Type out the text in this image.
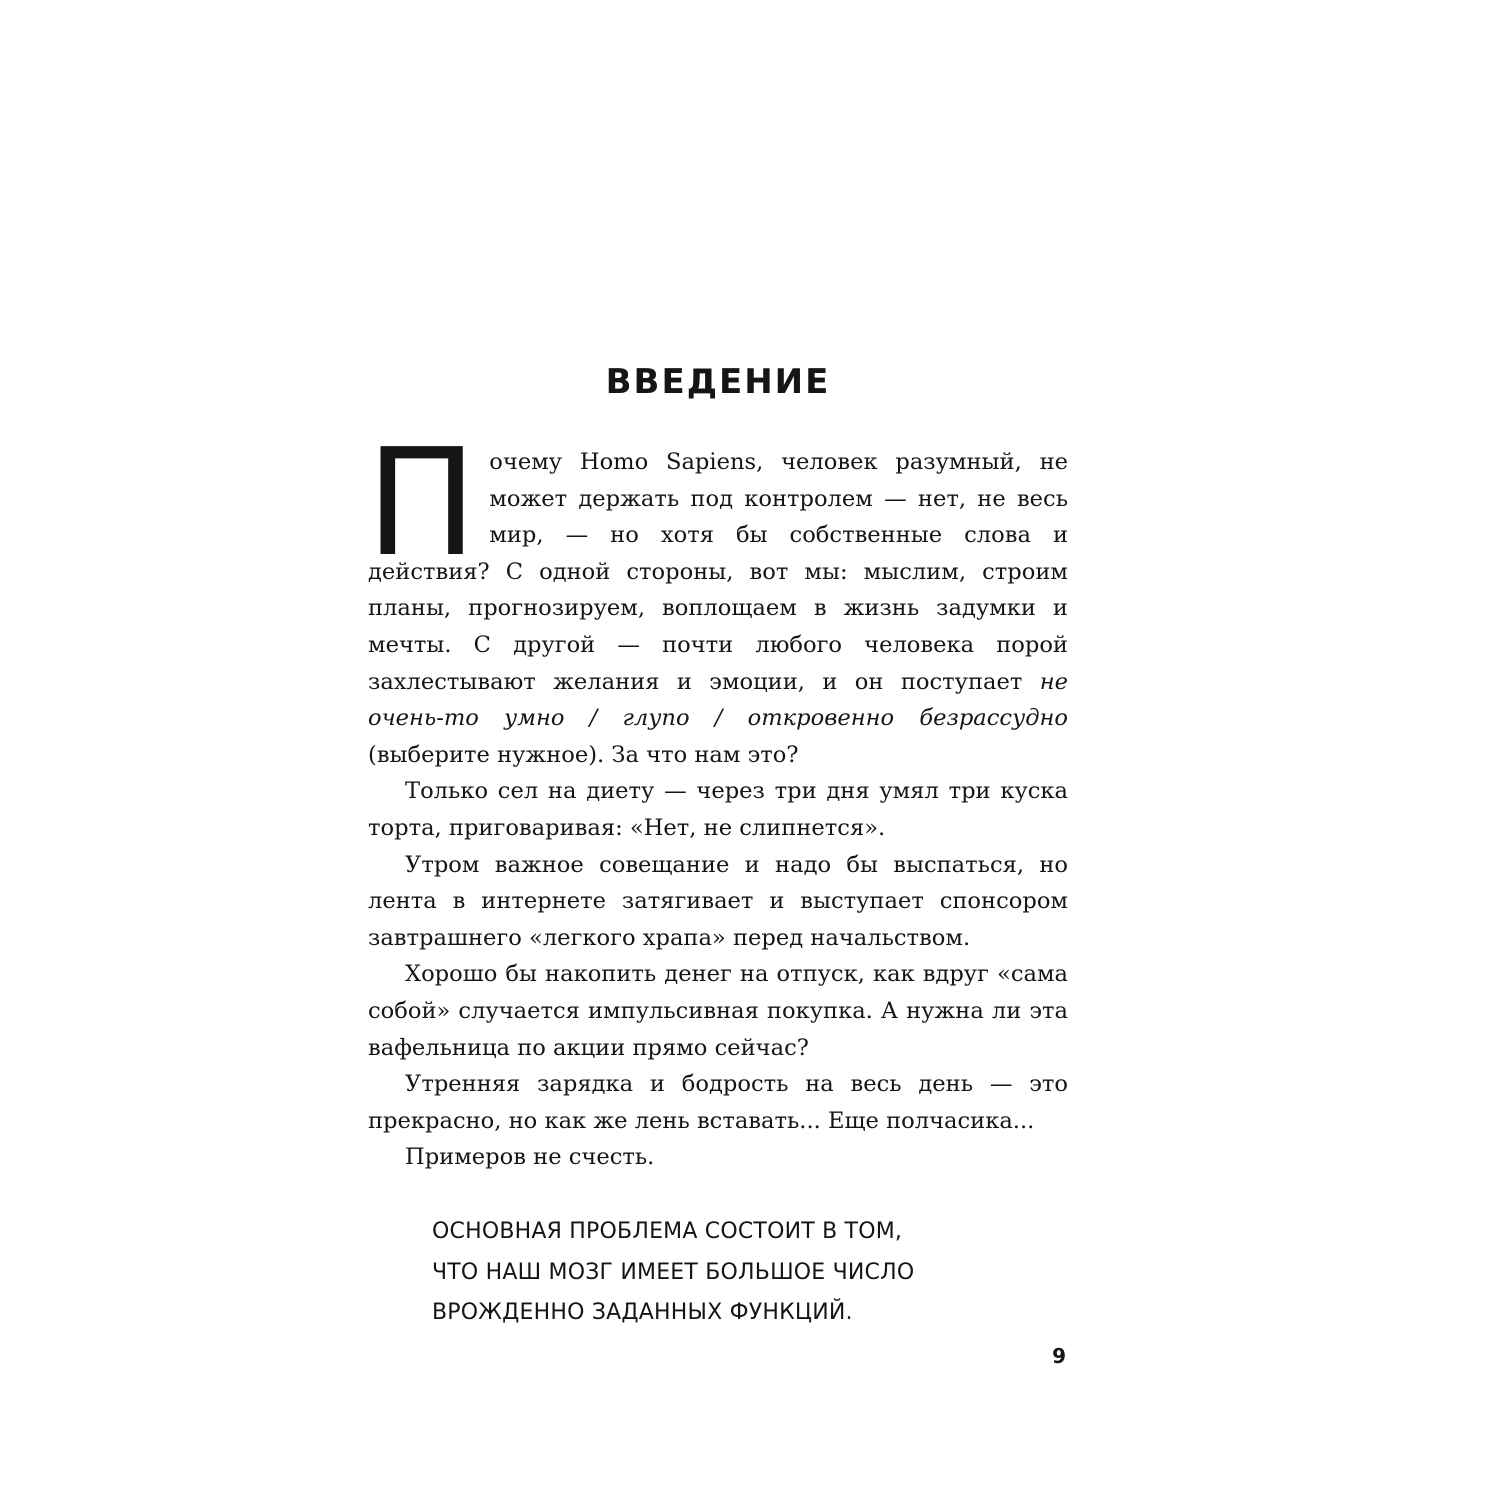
ВВЕДЕНИЕ

Почему Homo Sapiens, человек разумный, не может держать под контролем — нет, не весь мир, — но хотя бы собственные слова и действия? С одной стороны, вот мы: мыслим, строим планы, прогнозируем, воплощаем в жизнь задумки и мечты. С другой — почти любого человека порой захлестывают желания и эмоции, и он поступает не очень-то умно / глупо / откровенно безрассудно (выберите нужное). За что нам это?

Только сел на диету — через три дня умял три куска торта, приговаривая: «Нет, не слипнется».

Утром важное совещание и надо бы выспаться, но лента в интернете затягивает и выступает спонсором завтрашнего «легкого храпа» перед начальством.

Хорошо бы накопить денег на отпуск, как вдруг «сама собой» случается импульсивная покупка. А нужна ли эта вафельница по акции прямо сейчас?

Утренняя зарядка и бодрость на весь день — это прекрасно, но как же лень вставать... Еще полчасика...

Примеров не счесть.

ОСНОВНАЯ ПРОБЛЕМА СОСТОИТ В ТОМ,
ЧТО НАШ МОЗГ ИМЕЕТ БОЛЬШОЕ ЧИСЛО
ВРОЖДЕННО ЗАДАННЫХ ФУНКЦИЙ.
9
